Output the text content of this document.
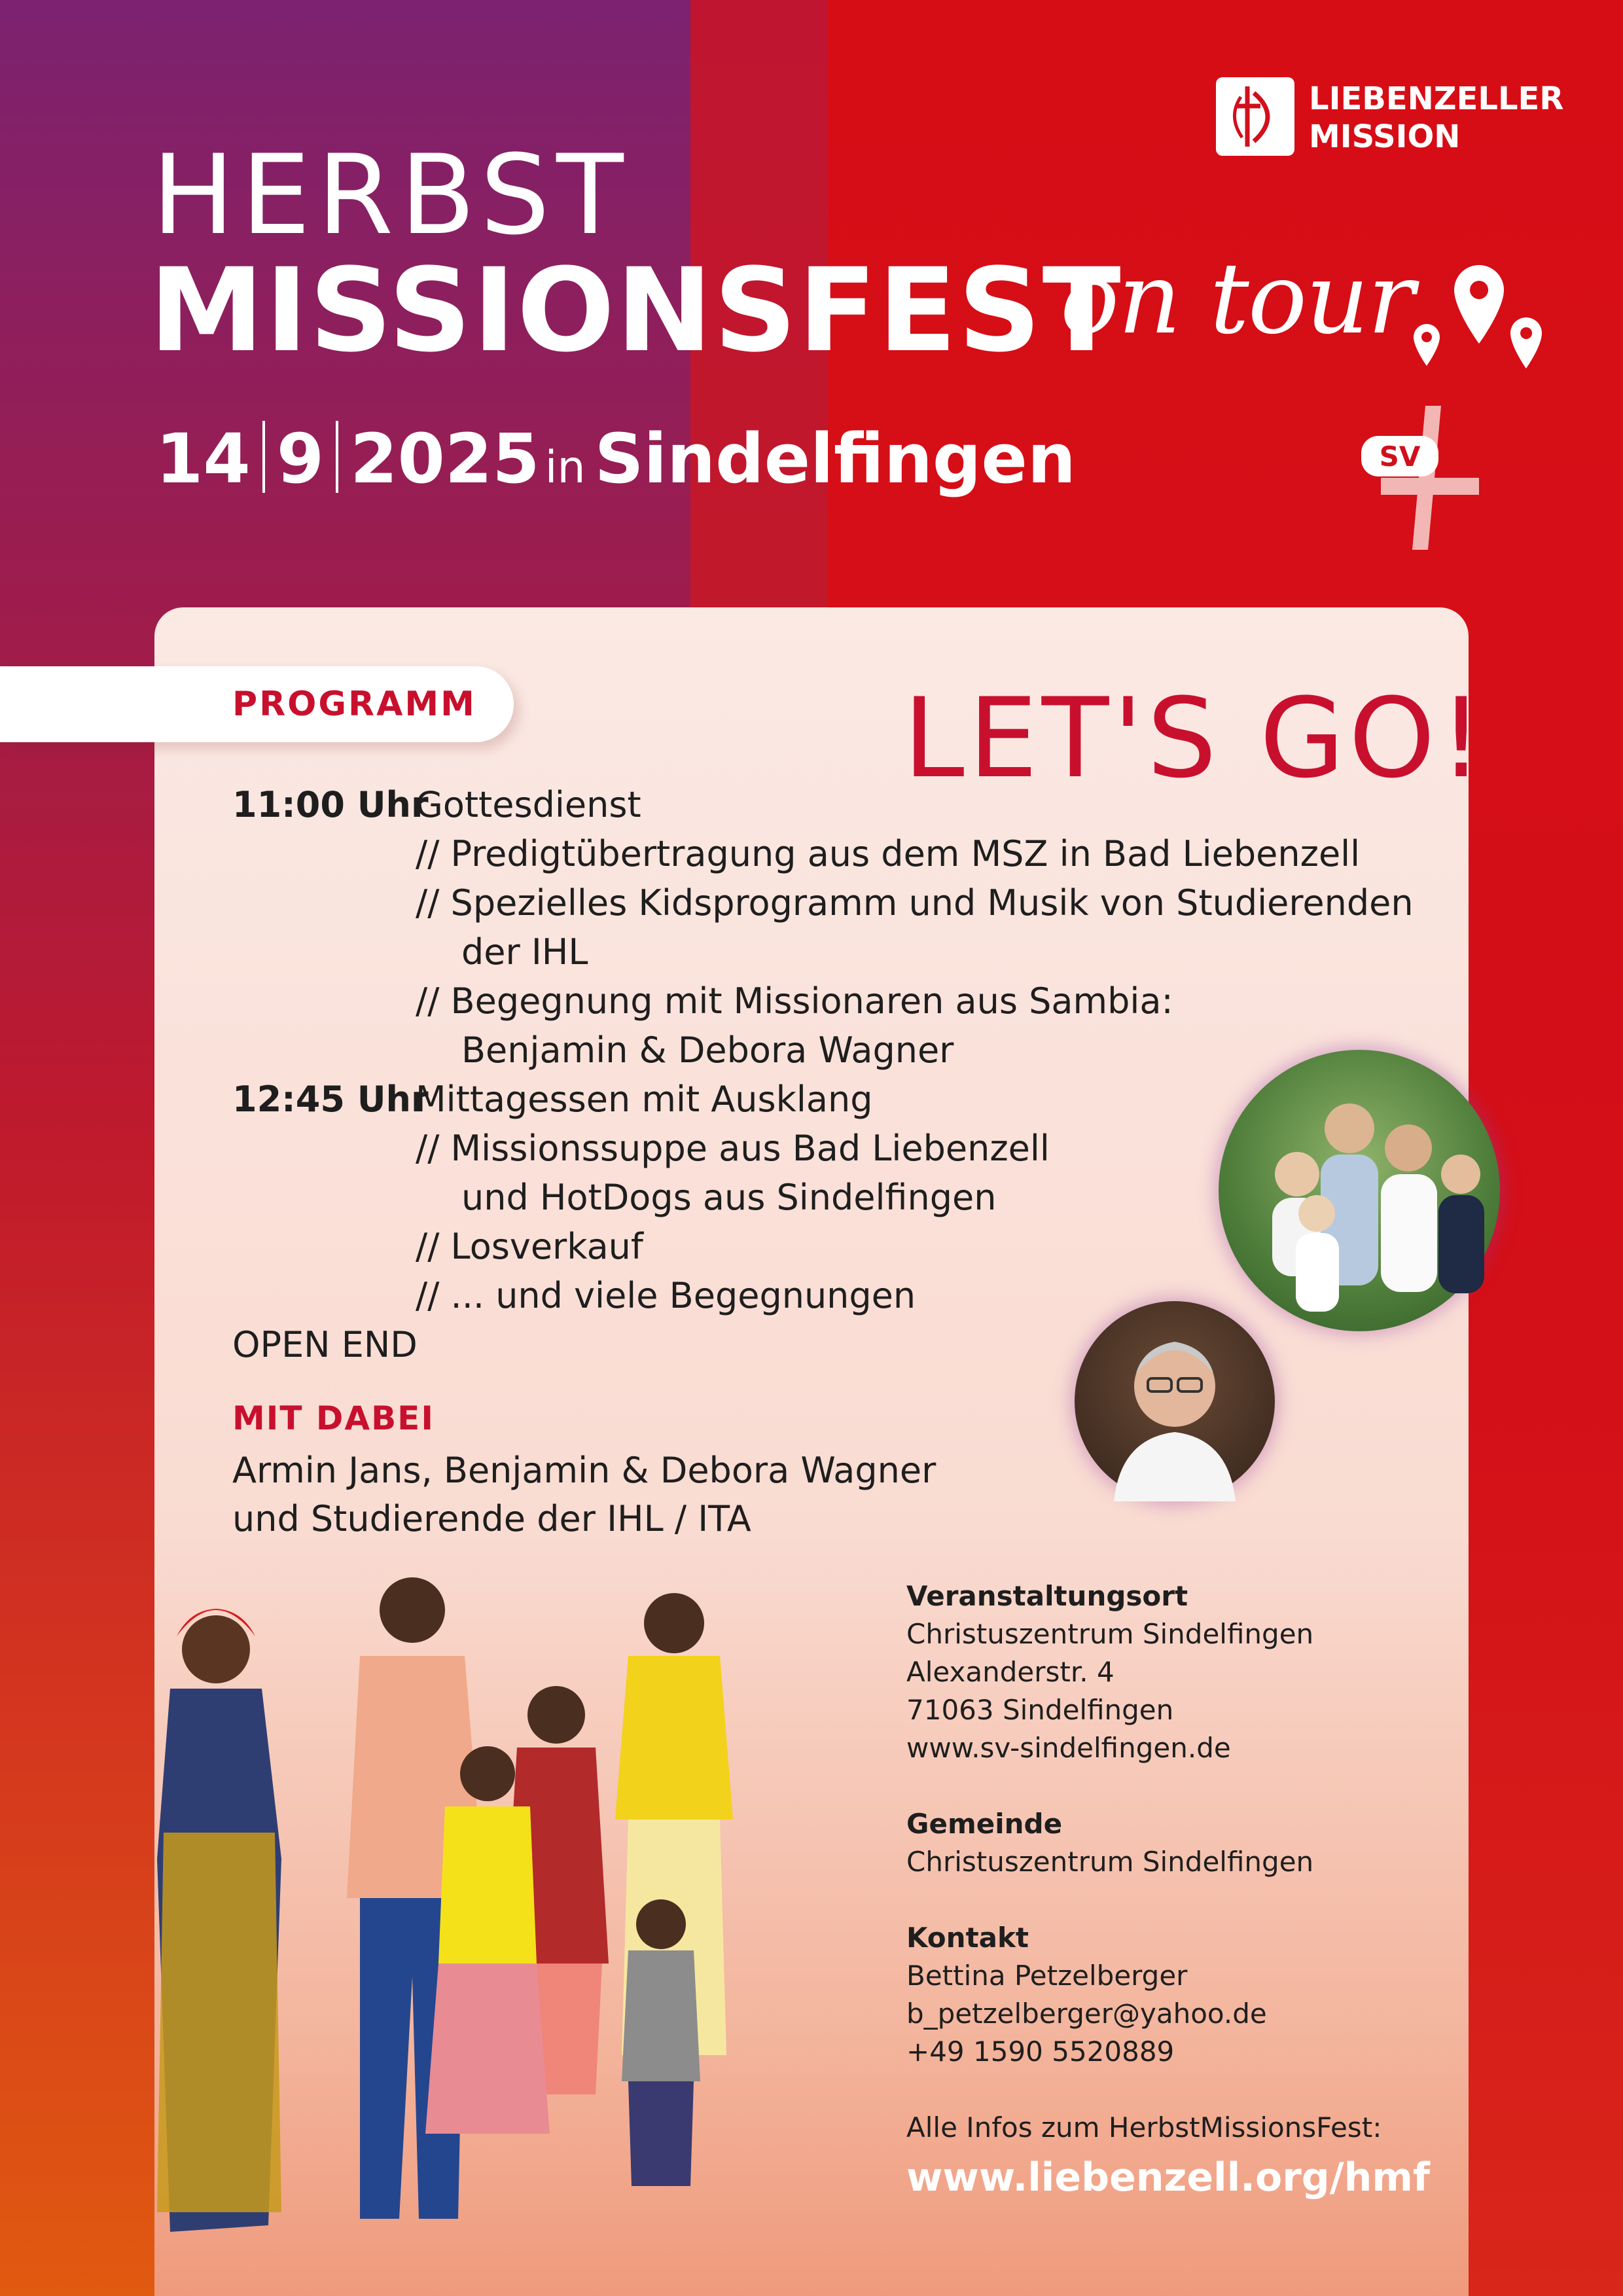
LIEBENZELLER
MISSION
HERBST
MISSIONSFEST
on tour
14 9 2025 in Sindelfingen	SV
PROGRAMM	LET'S GO!
11:00 Uhr
Gottesdienst
// Predigtübertragung aus dem MSZ in Bad Liebenzell
// Spezielles Kidsprogramm und Musik von Studierenden
der IHL
// Begegnung mit Missionaren aus Sambia:
Benjamin & Debora Wagner
12:45 Uhr
Mittagessen mit Ausklang
// Missionssuppe aus Bad Liebenzell
und HotDogs aus Sindelfingen
// Losverkauf
// ... und viele Begegnungen
OPEN END
MIT DABEI
Armin Jans, Benjamin & Debora Wagner
und Studierende der IHL / ITA
Veranstaltungsort
Christuszentrum Sindelfingen
Alexanderstr. 4
71063 Sindelfingen
www.sv-sindelfingen.de
Gemeinde
Christuszentrum Sindelfingen
Kontakt
Bettina Petzelberger
b_petzelberger@yahoo.de
+49 1590 5520889
Alle Infos zum HerbstMissionsFest:
www.liebenzell.org/hmf
